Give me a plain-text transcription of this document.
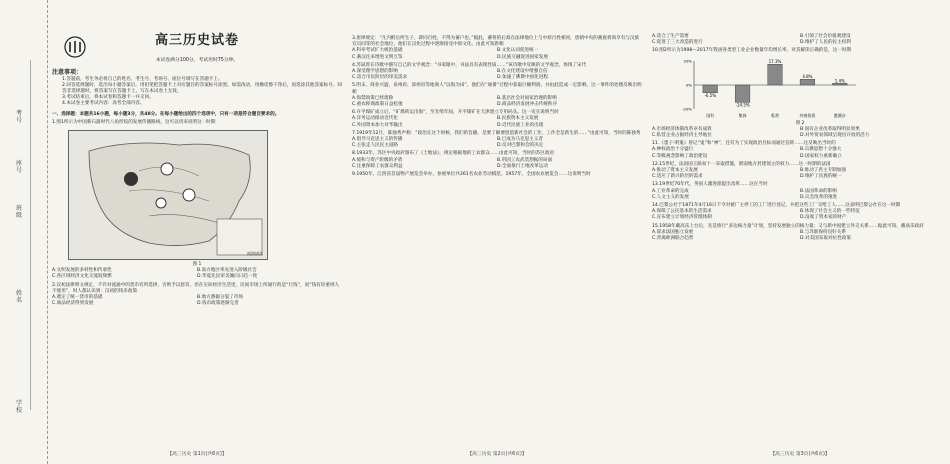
考号
座号
班级
姓名
学校
高三历史试卷
本试卷满分100分，考试用时75分钟。
注意事项：
1.答题前，考生务必将自己的姓名、考生号、考场号、座位号填写在答题卡上。
2.回答选择题时，选出每小题答案后，用铅笔把答题卡上对应题目的答案标号涂黑。如需改动，用橡皮擦干净后，再选涂其他答案标号。回答非选择题时，将答案写在答题卡上。写在本试卷上无效。
3.考试结束后，将本试卷和答题卡一并交回。
4.本试卷主要考试内容：高考全部内容。
一、选择题：本题共16小题，每小题3分，共48分。在每小题给出的四个选项中，只有一项是符合题目要求的。
1.图1所示为中国新石器时代八角形纹的发展传播路线，这可以用来说明这一时期
南海诸岛
图 1
A.文明发展的多样性和传承性	B.南方地区率先进入阶级社会
C.各区域经济文化交流较频繁	D.华夏先民审美倾向日趋一致
2.汉初法律明文规定，不许对流通中的货币有所选择，否则予以惩罚。但在实际经济生活里，民间市场上所通行的是“行钱”，而“钱有轻重则人不使用”，时人都认识到：汉初的钱币政策
A.奠定了统一货币的基础	B.地方割据分裂了市场
C.商品经济得到发展	D.钱币政策逐渐完善
【高三历史 第1页(共6页)】
3.唐律规定：“凡内附后所生子，即同百姓，不得为蕃户也。”据此，蕃将的后裔在法律地位上与中原百姓相同，唐朝中央的蕃族将领享有与汉族官员同等的社会地位，他们在汉化过程中逐渐接受中原文化。由此可知唐朝
A.科举考试扩大统治基础	B.文化认同促进统一
C.蕃汉往来增进文明互鉴	D.民族交融促进国家发展
4.苏轼曾在诗歌中描写自己的文学观念：“书家眼中，书法具有表现性质……”该诗歌中反映的文学观念，体现了宋代
A.深受理学思想的影响	B.在文化建设中增强自信
C.适合市民阶层的审美需求	D.加速了佛教中国化进程
5.明末，商业兴盛，泉州府、漳州府等地商人“以海为田”，他们在“通番”过程中获取巨额利润，并由此造成一定影响，这一事件的处理反映出明朝
A.海禁政策已经废除	B.基层社会对国家治理的影响
C.重农抑商政策日益松弛	D.商品经济发展冲击传统秩序
6.开平煤矿成立后，“矿煤转运出海”，至光绪年间，开平煤矿在天津建立专用码头。这一史实说明当时
A.洋务运动推动近代化	B.民族资本主义发展
C.外国资本加大对华输出	D.近代民族工业的出现
7.1919年12月，陈独秀声称：“政治在这个时候，我们的旨趣，是要了解要创造新社会的工作，工作全是新生的……”由此可知，当时的陈独秀
A.倡导马克思主义的传播	B.已成为马克思主义者
C.主张走人民民主道路	D.反对巴黎和会的决定
8.1933年，苏区中央政府颁布了《土地法》，规定根据地的工农群众……由此可知，当时的苏区政府
A.缓和与资产阶级的矛盾	B.巩固工农武装割据的局面
C.注重保障工农群众利益	D.全面推行土地改革运动
9.1950年，江西省首届物产展览会举办，参展单位共261名农业劳动模范。1957年，全国农业展览会……这说明当时
【高三历史 第2页(共6页)】
A.适合了生产需要	B.引领了社会价值观建设
C.促进了三大改造的进行	D.维护了人民的民主权利
10.图2所示为1998—2017年我国各类型工业企业数量年均增长率，对其解读正确的是，这一时期
-6.5%
国有
-14.5%
集体
17.3%
私营
4.8%
外商投资
1.4%
港澳台
-20%
0%
20%
图 2
A.市场经济体制改革卓有成效	B.国有企业改革取得明显效果
C.私营企业占据经济主导地位	D.对外贸易领域呈现出开放的活力
11.《墨子·明鬼》曾记“鬼”和“神”，还有为了实现政治目标而通过信仰……这反映出当时的
A.神权政治十分盛行	B.宗教思想十分强大
C.等级观念影响了政治建设	D.国家权力重新确立
12.15世纪，法国国王路易十一采取措施，削弱地方封建领主的权力……这一时期的法国
A.推动了资本主义发展	B.推动了君主专制加强
C.适应了新兴阶层的需求	D.维护了民族的统一
13.19世纪70年代，英国人激进派提出改革……这在当时
A.工业革命的完成	B.法国革命的影响
C.人文主义的发展	D.议会改革的推进
14.巴黎公社于1871年4月16日下令对被厂主停工的工厂进行登记，并把这些工厂交给工人……这表明巴黎公社在这一时期
A.保障了公民基本的生活需求	B.体现了社会主义的一些特征
C.宣布建立计划经济管理体制	D.没收了资本家的财产
15.1958年戴高乐上台后，先是推行“多边核力量”计划，坚持发展独立的核力量；又与新中国建立外交关系……据此可知，戴高乐政府
A.谋求法国独立发展	B.与苏联保持良好关系
C.背离欧洲联合趋势	D.对美国采取对抗性政策
【高三历史 第3页(共6页)】
